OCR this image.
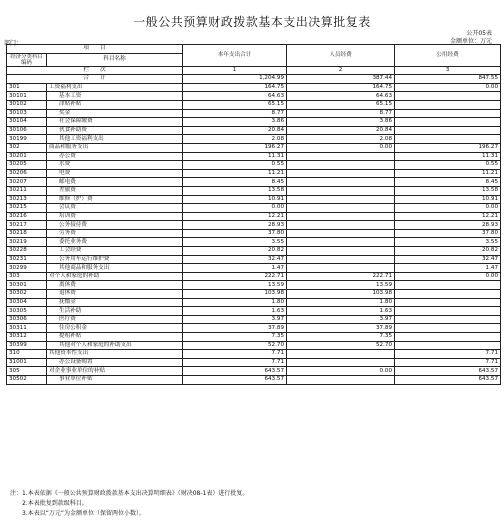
一般公共预算财政拨款基本支出决算批复表
公开05表
部门：	金额单位：万元
项　　目		本年支出合计	人员经费	公用经费
经济分类科目编码	科目名称			

栏　　次		1	2	3
合　　计		1,204.99	387.44	847.55
301	工资福利支出	164.75	164.75	0.00
30101	基本工资	64.63	64.63	
30102	津贴补贴	65.15	65.15	
30103	奖金	8.77	8.77	
30104	社会保障缴费	3.86	3.86	
30106	伙食补助费	20.84	20.84	
30199	其他工资福利支出	2.08	2.08	
302	商品和服务支出	196.27	0.00	196.27
30201	办公费	11.31		11.31
30205	水费	0.55		0.55
30206	电费	11.21		11.21
30207	邮电费	8.45		8.45
30211	差旅费	13.58		13.58
30213	维修（护）费	10.91		10.91
30215	会议费	0.00		0.00
30216	培训费	12.21		12.21
30217	公务接待费	28.93		28.93
30218	劳务费	37.80		37.80
30219	委托业务费	3.55		3.55
30228	工会经费	20.82		20.82
30231	公务用车运行维护费	32.47		32.47
30299	其他商品和服务支出	1.47		1.47
303	对个人和家庭的补助	222.71	222.71	0.00
30301	离休费	13.59	13.59	
30302	退休费	103.98	103.98	
30304	抚恤金	1.80	1.80	
30305	生活补助	1.63	1.63	
30306	医疗费	3.97	3.97	
30311	住房公积金	37.89	37.89	
30312	提租补贴	7.35	7.35	
30399	其他对个人和家庭的补助支出	52.70	52.70	
310	其他资本性支出	7.71		7.71
31001	办公设备购置	7.71		7.71
305	对企业事业单位的补贴	643.57	0.00	643.57
30502	事业单位补贴	643.57		643.57
注：1.本表依据《一般公共预算财政拨款基本支出决算明细表》（财决08-1表）进行批复。
　　2.本表批复到款级科目。
　　3.本表以“万元”为金额单位（保留两位小数）。
